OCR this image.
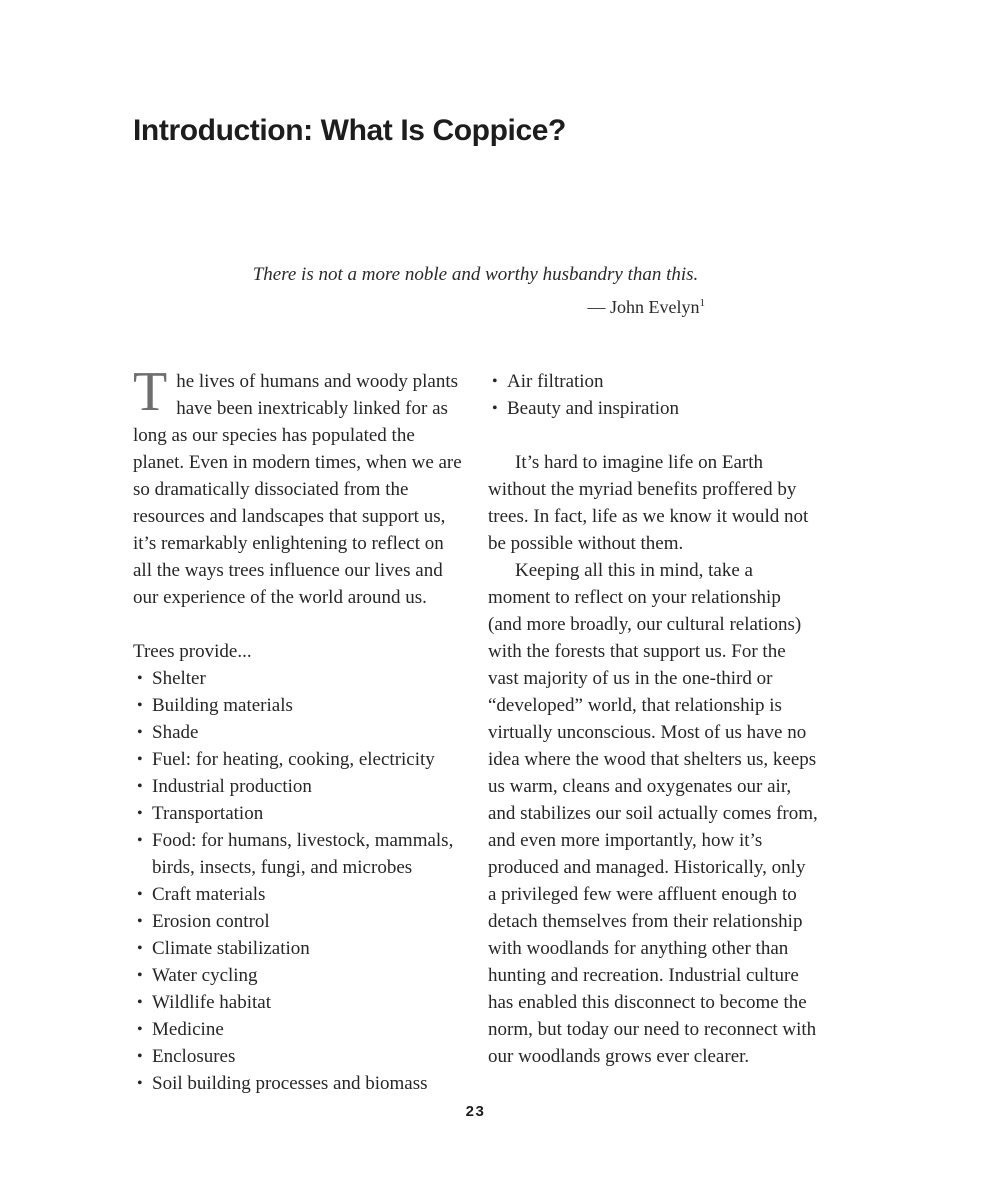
Introduction: What Is Coppice?

There is not a more noble and worthy husbandry than this.

— John Evelyn$^1$

The lives of humans and woody plants have been inextricably linked for as long as our species has populated the planet. Even in modern times, when we are so dramatically dissociated from the resources and landscapes that support us, it’s remarkably enlightening to reflect on all the ways trees influence our lives and our experience of the world around us.

Trees provide...

• Shelter
• Building materials
• Shade
• Fuel: for heating, cooking, electricity
• Industrial production
• Transportation
• Food: for humans, livestock, mammals, birds, insects, fungi, and microbes
• Craft materials
• Erosion control
• Climate stabilization
• Water cycling
• Wildlife habitat
• Medicine
• Enclosures
• Soil building processes and biomass
• Air filtration
• Beauty and inspiration

It’s hard to imagine life on Earth without the myriad benefits proffered by trees. In fact, life as we know it would not be possible without them.

Keeping all this in mind, take a moment to reflect on your relationship (and more broadly, our cultural relations) with the forests that support us. For the vast majority of us in the one-third or “developed” world, that relationship is virtually unconscious. Most of us have no idea where the wood that shelters us, keeps us warm, cleans and oxygenates our air, and stabilizes our soil actually comes from, and even more importantly, how it’s produced and managed. Historically, only a privileged few were affluent enough to detach themselves from their relationship with woodlands for anything other than hunting and recreation. Industrial culture has enabled this disconnect to become the norm, but today our need to reconnect with our woodlands grows ever clearer.

23
